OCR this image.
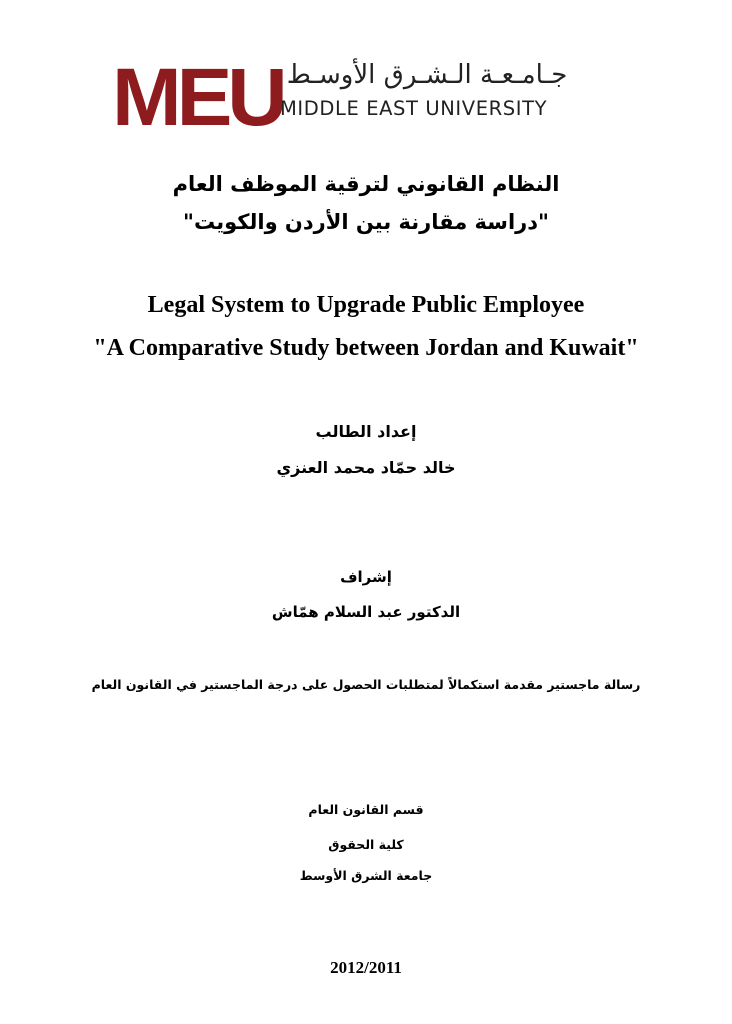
MEU جـامـعـة الـشـرق الأوسـط
MIDDLE EAST UNIVERSITY
النظام القانوني لترقية الموظف العام
"دراسة مقارنة بين الأردن والكويت"
Legal System to Upgrade Public Employee
"A Comparative Study between Jordan and Kuwait"
إعداد الطالب
خالد حمّاد محمد العنزي
إشراف
الدكتور عبد السلام همّاش
رسالة ماجستير مقدمة استكمالاً لمتطلبات الحصول على درجة الماجستير في القانون العام
قسم القانون العام
كلية الحقوق
جامعة الشرق الأوسط
2012/2011
